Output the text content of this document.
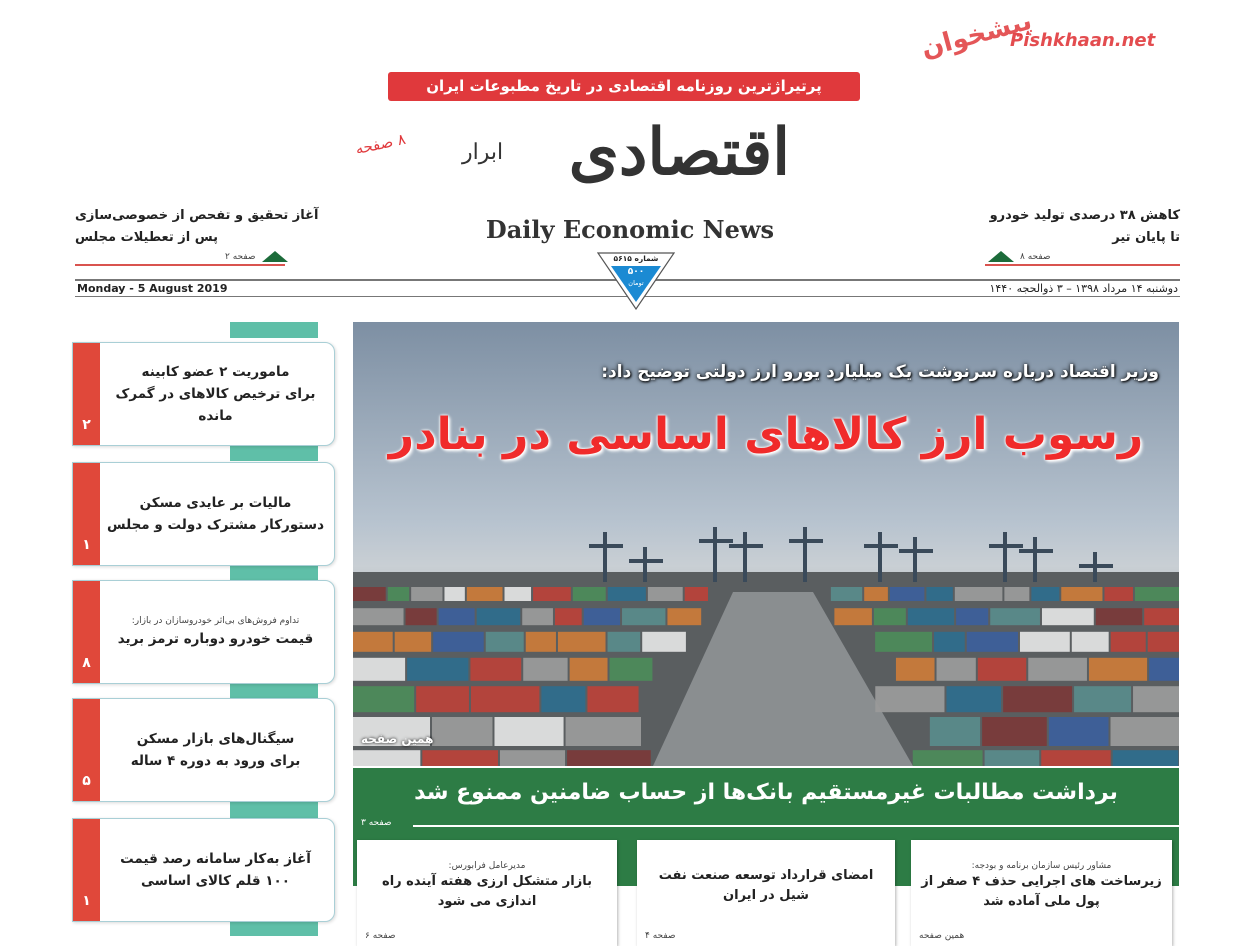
پرتیراژترین روزنامه اقتصادی در تاریخ مطبوعات ایران
۸ صفحه	اقتصادی
ابرار
Daily Economic News
آغاز تحقیق و تفحص از خصوصی‌سازی
پس از تعطیلات مجلس
صفحه ۲
کاهش ۳۸ درصدی تولید خودرو
تا پایان تیر
صفحه ۸
Monday - 5 August 2019	دوشنبه ۱۴ مرداد ۱۳۹۸ – ۳ ذوالحجه ۱۴۴۰
شماره ۵۶۱۵
۵۰۰
تومان
۲
ماموریت ۲ عضو کابینه
برای ترخیص کالاهای در گمرک مانده
۱
مالیات بر عایدی مسکن
دستورکار مشترک دولت و مجلس
۸
تداوم فروش‌های بی‌اثر خودروسازان در بازار:
قیمت خودرو دوباره ترمز برید
۵
سیگنال‌های بازار مسکن
برای ورود به دوره ۴ ساله
۱
آغاز به‌کار سامانه رصد قیمت
۱۰۰ قلم کالای اساسی
وزیر اقتصاد درباره سرنوشت یک میلیارد یورو ارز دولتی توضیح داد:
رسوب ارز کالاهای اساسی در بنادر
همین صفحه
برداشت مطالبات غیرمستقیم بانک‌ها از حساب ضامنین ممنوع شد
صفحه ۳
مشاور رئیس سازمان برنامه و بودجه:
زیرساخت های اجرایی حذف ۴ صفر از پول ملی آماده شد
همین صفحه
امضای قرارداد توسعه صنعت نفت شیل در ایران
صفحه ۴
مدیرعامل فرابورس:
بازار متشکل ارزی هفته آینده راه اندازی می شود
صفحه ۶
پیشخوان
Pishkhaan.net
